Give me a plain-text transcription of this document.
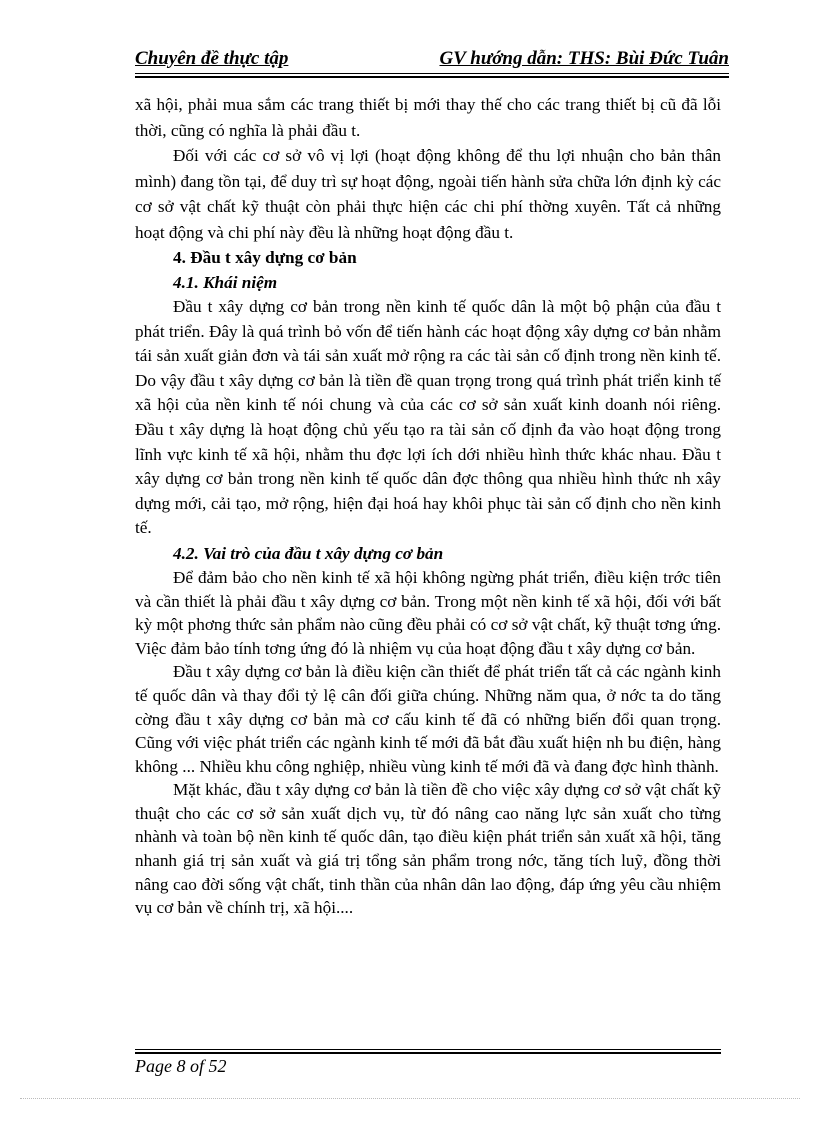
Chuyên đề thực tập	GV hướng dẫn: THS: Bùi Đức Tuân

xã hội, phải mua sắm các trang thiết bị mới thay thế cho các trang thiết bị cũ đã lỗi thời, cũng có nghĩa là phải đầu t.

Đối với các cơ sở vô vị lợi (hoạt động không để thu lợi nhuận cho bản thân mình) đang tồn tại, để duy trì sự hoạt động, ngoài tiến hành sửa chữa lớn định kỳ các cơ sở vật chất kỹ thuật còn phải thực hiện các chi phí thờng xuyên. Tất cả những hoạt động và chi phí này đều là những hoạt động đầu t.

4. Đầu t xây dựng cơ bản

4.1. Khái niệm

Đầu t xây dựng cơ bản trong nền kinh tế quốc dân là một bộ phận của đầu t phát triển. Đây là quá trình bỏ vốn để tiến hành các hoạt động xây dựng cơ bản nhằm tái sản xuất giản đơn và tái sản xuất mở rộng ra các tài sản cố định trong nền kinh tế. Do vậy đầu t xây dựng cơ bản là tiền đề quan trọng trong quá trình phát triển kinh tế xã hội của nền kinh tế nói chung và của các cơ sở sản xuất kinh doanh nói riêng. Đầu t xây dựng là hoạt động chủ yếu tạo ra tài sản cố định đa vào hoạt động trong lĩnh vực kinh tế xã hội, nhằm thu đợc lợi ích dới nhiều hình thức khác nhau. Đầu t xây dựng cơ bản trong nền kinh tế quốc dân đợc thông qua nhiều hình thức nh xây dựng mới, cải tạo, mở rộng, hiện đại hoá hay khôi phục tài sản cố định cho nền kinh tế.

4.2. Vai trò của đầu t xây dựng cơ bản

Để đảm bảo cho nền kinh tế xã hội không ngừng phát triển, điều kiện trớc tiên và cần thiết là phải đầu t xây dựng cơ bản. Trong một nền kinh tế xã hội, đối với bất kỳ một phơng thức sản phẩm nào cũng đều phải có cơ sở vật chất, kỹ thuật tơng ứng. Việc đảm bảo tính tơng ứng đó là nhiệm vụ của hoạt động đầu t xây dựng cơ bản.

Đầu t xây dựng cơ bản là điều kiện cần thiết để phát triển tất cả các ngành kinh tế quốc dân và thay đổi tỷ lệ cân đối giữa chúng. Những năm qua, ở nớc ta do tăng cờng đầu t xây dựng cơ bản mà cơ cấu kinh tế đã có những biến đổi quan trọng. Cũng với việc phát triển các ngành kinh tế mới đã bắt đầu xuất hiện nh bu điện, hàng không ... Nhiều khu công nghiệp, nhiều vùng kinh tế mới đã và đang đợc hình thành.

Mặt khác, đầu t xây dựng cơ bản là tiền đề cho việc xây dựng cơ sở vật chất kỹ thuật cho các cơ sở sản xuất dịch vụ, từ đó nâng cao năng lực sản xuất cho từng nhành và toàn bộ nền kinh tế quốc dân, tạo điều kiện phát triển sản xuất xã hội, tăng nhanh giá trị sản xuất và giá trị tổng sản phẩm trong nớc, tăng tích luỹ, đồng thời nâng cao đời sống vật chất, tinh thần của nhân dân lao động, đáp ứng yêu cầu nhiệm vụ cơ bản về chính trị, xã hội....

Page 8 of 52
